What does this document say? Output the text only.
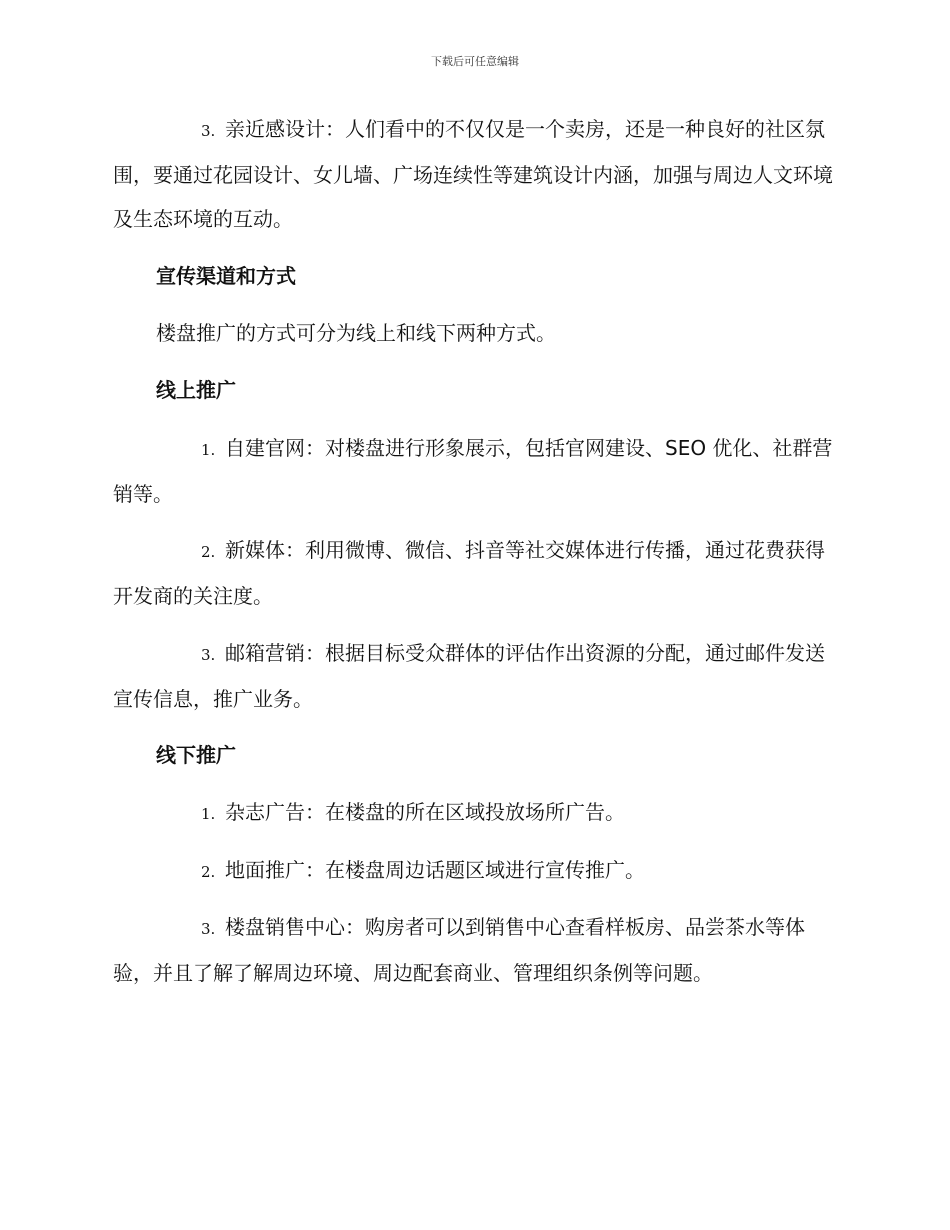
下载后可任意编辑
3. 亲近感设计：人们看中的不仅仅是一个卖房，还是一种良好的社区氛围，要通过花园设计、女儿墙、广场连续性等建筑设计内涵，加强与周边人文环境及生态环境的互动。
宣传渠道和方式
楼盘推广的方式可分为线上和线下两种方式。
线上推广
1. 自建官网：对楼盘进行形象展示，包括官网建设、SEO 优化、社群营销等。
2. 新媒体：利用微博、微信、抖音等社交媒体进行传播，通过花费获得开发商的关注度。
3. 邮箱营销：根据目标受众群体的评估作出资源的分配，通过邮件发送宣传信息，推广业务。
线下推广
1. 杂志广告：在楼盘的所在区域投放场所广告。
2. 地面推广：在楼盘周边话题区域进行宣传推广。
3. 楼盘销售中心：购房者可以到销售中心查看样板房、品尝茶水等体验，并且了解了解周边环境、周边配套商业、管理组织条例等问题。
